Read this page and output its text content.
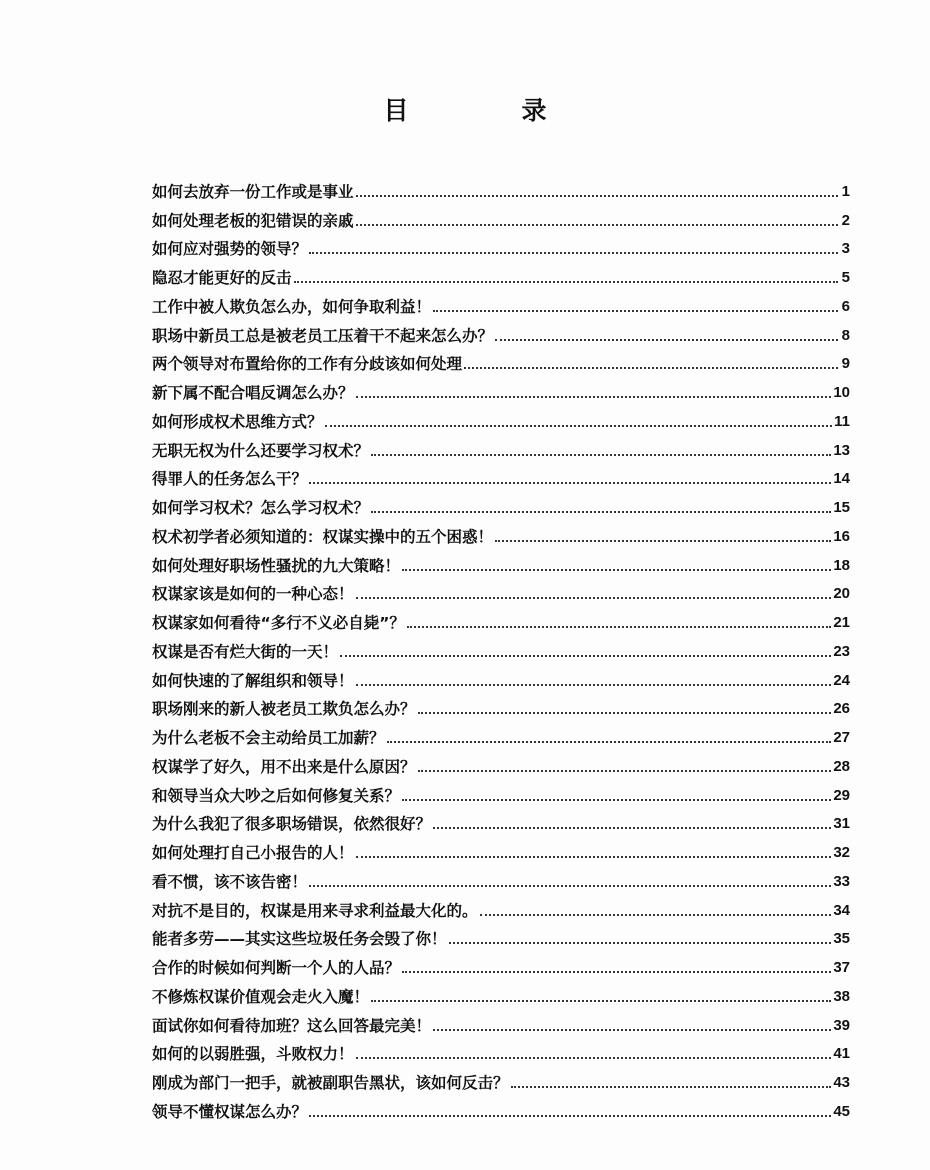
目　录
如何去放弃一份工作或是事业	1
如何处理老板的犯错误的亲戚	2
如何应对强势的领导？	3
隐忍才能更好的反击	5
工作中被人欺负怎么办，如何争取利益！	6
职场中新员工总是被老员工压着干不起来怎么办？	8
两个领导对布置给你的工作有分歧该如何处理	9
新下属不配合唱反调怎么办？	10
如何形成权术思维方式？	11
无职无权为什么还要学习权术？	13
得罪人的任务怎么干？	14
如何学习权术？怎么学习权术？	15
权术初学者必须知道的：权谋实操中的五个困惑！	16
如何处理好职场性骚扰的九大策略！	18
权谋家该是如何的一种心态！	20
权谋家如何看待“多行不义必自毙”？	21
权谋是否有烂大街的一天！	23
如何快速的了解组织和领导！	24
职场刚来的新人被老员工欺负怎么办？	26
为什么老板不会主动给员工加薪？	27
权谋学了好久，用不出来是什么原因？	28
和领导当众大吵之后如何修复关系？	29
为什么我犯了很多职场错误，依然很好？	31
如何处理打自己小报告的人！	32
看不惯，该不该告密！	33
对抗不是目的，权谋是用来寻求利益最大化的。	34
能者多劳——其实这些垃圾任务会毁了你！	35
合作的时候如何判断一个人的人品？	37
不修炼权谋价值观会走火入魔！	38
面试你如何看待加班？这么回答最完美！	39
如何的以弱胜强，斗败权力！	41
刚成为部门一把手，就被副职告黑状，该如何反击？	43
领导不懂权谋怎么办？	45
